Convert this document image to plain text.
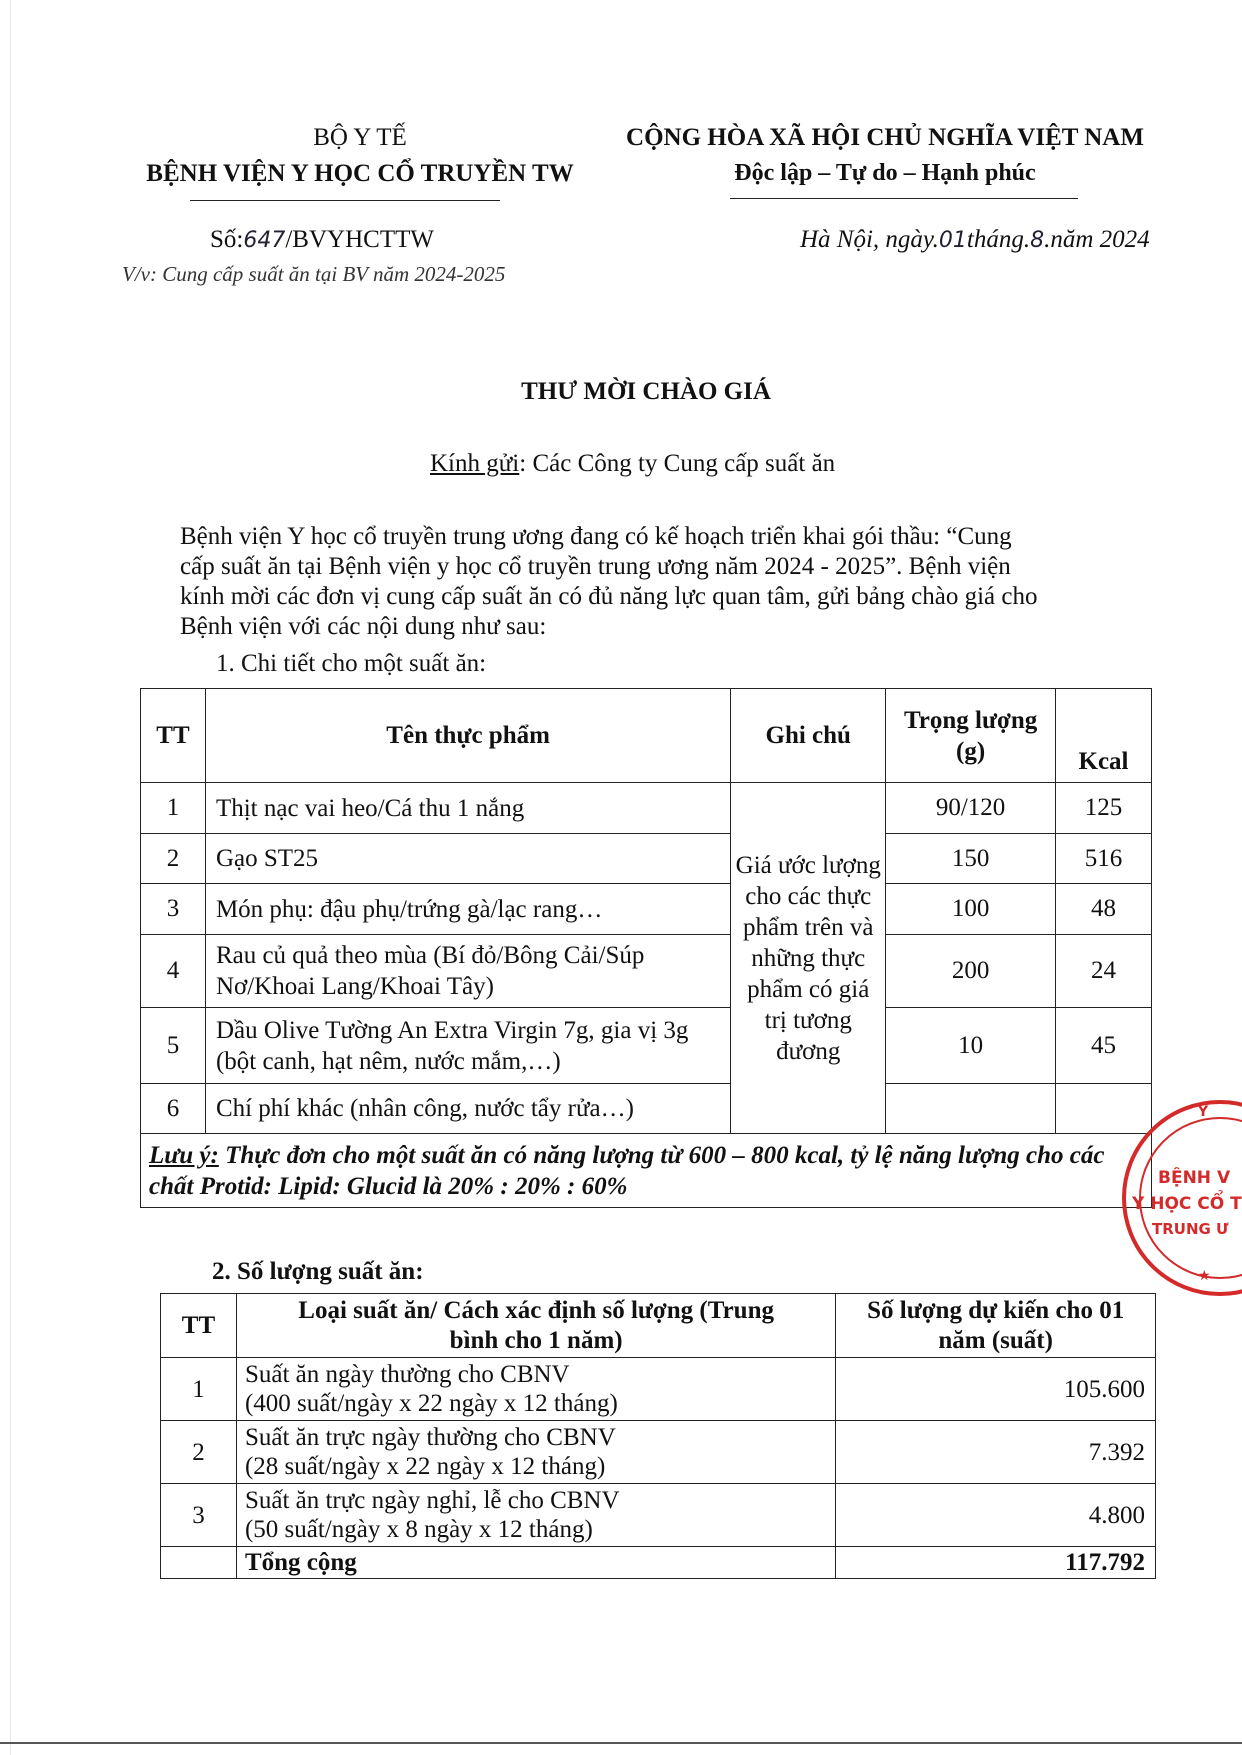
BỘ Y TẾ
BỆNH VIỆN Y HỌC CỔ TRUYỀN TW
CỘNG HÒA XÃ HỘI CHỦ NGHĨA VIỆT NAM
Độc lập – Tự do – Hạnh phúc
Số:647/BVYHCTTW
V/v: Cung cấp suất ăn tại BV năm 2024-2025
Hà Nội, ngày.01tháng.8.năm 2024
THƯ MỜI CHÀO GIÁ
Kính gửi: Các Công ty Cung cấp suất ăn
Bệnh viện Y học cổ truyền trung ương đang có kế hoạch triển khai gói thầu: “Cung
cấp suất ăn tại Bệnh viện y học cổ truyền trung ương năm 2024 - 2025”. Bệnh viện
kính mời các đơn vị cung cấp suất ăn có đủ năng lực quan tâm, gửi bảng chào giá cho
Bệnh viện với các nội dung như sau:
1. Chi tiết cho một suất ăn:
TT	Tên thực phẩm	Ghi chú	Trọng lượng (g)	Kcal
1	Thịt nạc vai heo/Cá thu 1 nắng	Giá ước lượng cho các thực phẩm trên và những thực phẩm có giá trị tương đương	90/120	125
2	Gạo ST25		150	516
3	Món phụ: đậu phụ/trứng gà/lạc rang…		100	48
4	Rau củ quả theo mùa (Bí đỏ/Bông Cải/Súp Nơ/Khoai Lang/Khoai Tây)		200	24
5	Dầu Olive Tường An Extra Virgin 7g, gia vị 3g (bột canh, hạt nêm, nước mắm,…)		10	45
6	Chí phí khác (nhân công, nước tẩy rửa…)			
Lưu ý: Thực đơn cho một suất ăn có năng lượng từ 600 – 800 kcal, tỷ lệ năng lượng cho các chất Protid: Lipid: Glucid là 20% : 20% : 60%				
2. Số lượng suất ăn:
TT	Loại suất ăn/ Cách xác định số lượng (Trung bình cho 1 năm)	Số lượng dự kiến cho 01 năm (suất)
1	Suất ăn ngày thường cho CBNV
(400 suất/ngày x 22 ngày x 12 tháng)	105.600
2	Suất ăn trực ngày thường cho CBNV
(28 suất/ngày x 22 ngày x 12 tháng)	7.392
3	Suất ăn trực ngày nghỉ, lễ cho CBNV
(50 suất/ngày x 8 ngày x 12 tháng)	4.800
	Tổng cộng	117.792
Y
BỆNH V
Y HỌC CỔ T
TRUNG Ư
★
